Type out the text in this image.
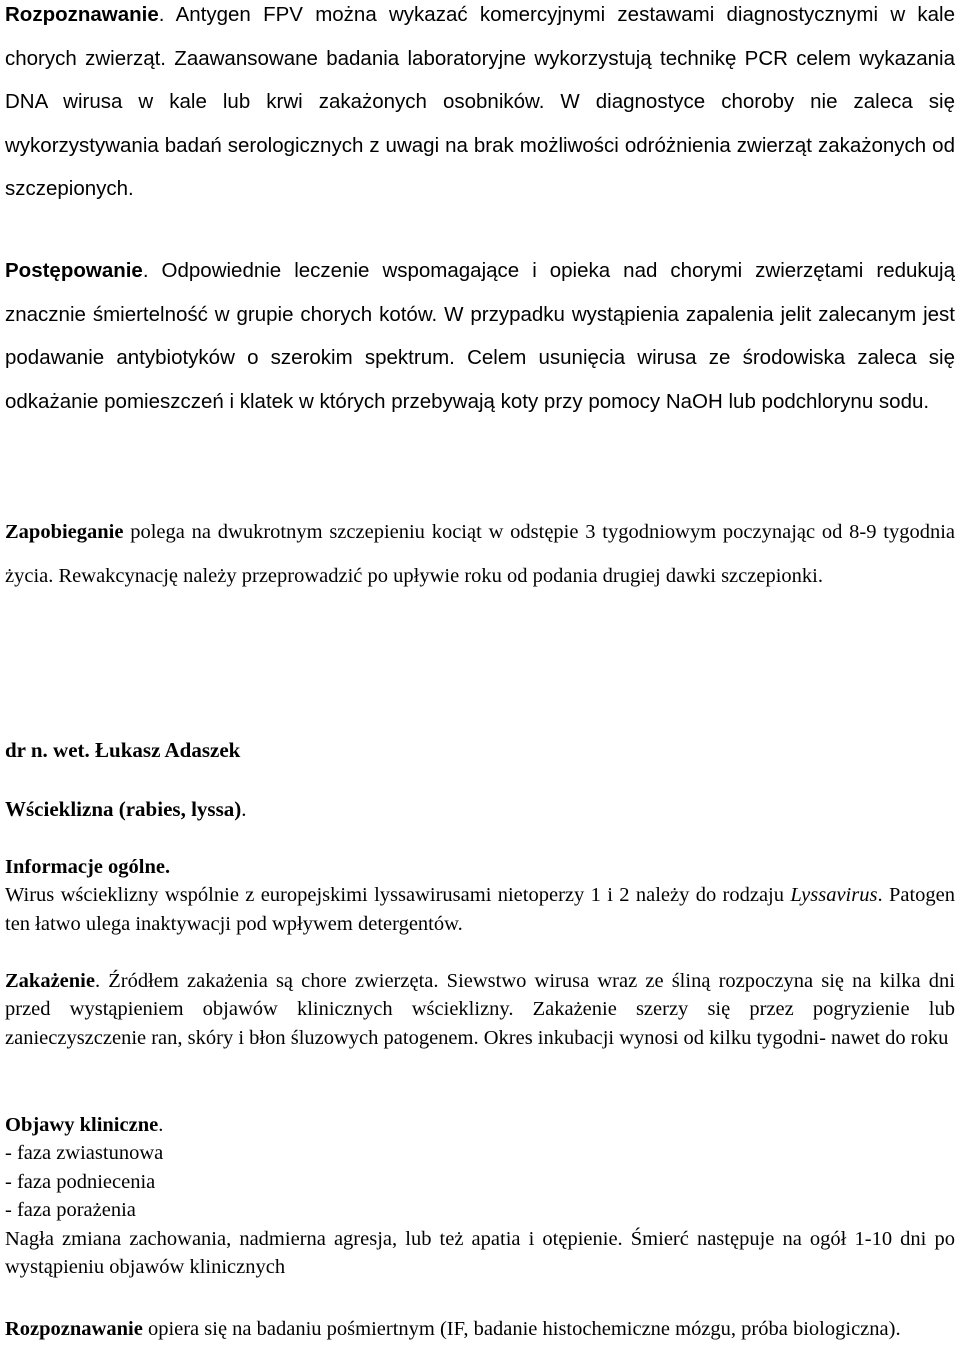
Rozpoznawanie. Antygen FPV można wykazać komercyjnymi zestawami diagnostycznymi w kale chorych zwierząt. Zaawansowane badania laboratoryjne wykorzystują technikę PCR celem wykazania DNA wirusa w kale lub krwi zakażonych osobników. W diagnostyce choroby nie zaleca się wykorzystywania badań serologicznych z uwagi na brak możliwości odróżnienia zwierząt zakażonych od szczepionych.

Postępowanie. Odpowiednie leczenie wspomagające i opieka nad chorymi zwierzętami redukują znacznie śmiertelność w grupie chorych kotów. W przypadku wystąpienia zapalenia jelit zalecanym jest podawanie antybiotyków o szerokim spektrum. Celem usunięcia wirusa ze środowiska zaleca się odkażanie pomieszczeń i klatek w których przebywają koty przy pomocy NaOH lub podchlorynu sodu.

Zapobieganie polega na dwukrotnym szczepieniu kociąt w odstępie 3 tygodniowym poczynając od 8-9 tygodnia życia. Rewakcynację należy przeprowadzić po upływie roku od podania drugiej dawki szczepionki.

dr n. wet. Łukasz Adaszek

Wścieklizna (rabies, lyssa).

Informacje ogólne.
Wirus wścieklizny wspólnie z europejskimi lyssawirusami nietoperzy 1 i 2 należy do rodzaju Lyssavirus. Patogen ten łatwo ulega inaktywacji pod wpływem detergentów.

Zakażenie. Źródłem zakażenia są chore zwierzęta. Siewstwo wirusa wraz ze śliną rozpoczyna się na kilka dni przed wystąpieniem objawów klinicznych wścieklizny. Zakażenie szerzy się przez pogryzienie lub zanieczyszczenie ran, skóry i błon śluzowych patogenem. Okres inkubacji wynosi od kilku tygodni- nawet do roku

Objawy kliniczne.
- faza zwiastunowa
- faza podniecenia
- faza porażenia
Nagła zmiana zachowania, nadmierna agresja, lub też apatia i otępienie. Śmierć następuje na ogół 1-10 dni po wystąpieniu objawów klinicznych

Rozpoznawanie opiera się na badaniu pośmiertnym (IF, badanie histochemiczne mózgu, próba biologiczna).
